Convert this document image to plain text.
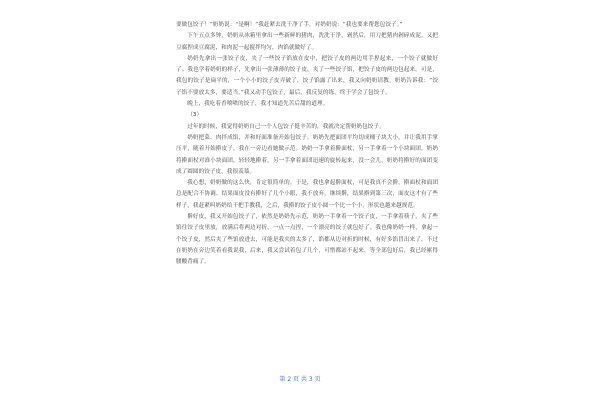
要做包饺子！”奶奶说：“是啊！”我赶紧去洗干净了手，对奶奶说：“我也要来帮您包饺子。”

下午五点多钟，奶奶从冰箱里拿出一些新鲜的猪肉，洗洗干净，剁然后，用刀把猪肉剁碎成泥。又把豆腐捏成豆腐泥，和肉泥一起搅拌均匀，肉馅就做好了。

奶奶先拿出一张饺子皮，夹了一些饺子馅放在皮中，把饺子皮的两边用手捏起来，一个饺子就做好了。我也学着奶奶的样子，先拿出一张薄薄的饺子皮，夹了一些饺子馅，把饺子皮的两边包起来。可是，我包的饺子是扁平的，一个小小的饺子皮弄破了，饺子馅露了出来，我又向奶奶请教。奶奶告诉我：“饺子馅不要放太多，要适当。”我又动手包饺子，最后，我反复的练，终于学会了包饺子。

晚上，我吃着香喷喷的饺子，我才知道先苦后甜的道理。

（3）

过年的时候，我觉得奶奶自己一个人包饺子挺辛苦的，我就决定帮奶奶包饺子。

奶奶把菜、肉拌成馅，并和好面准备开始包饺子。奶奶先把面团平均切成桶子块大小，并让我用手掌压平，随着开始擀皮子，我在一旁边看她做示范。奶奶一手拿着擀面杖，另一手拿着一个小块面团，奶奶将擀面杖对准小块面团，轻轻地擀着，另一手拿着面团迅速的旋转起来，没一会儿，奶奶将擀好的面团变成了圆圆的饺子皮，我很羡慕。

我心想，奶奶做的这么快，肯定很简单的。于是，我也拿起擀面杖，可是我真不会擀，擀面杖和面团总是配合不协调。结果面皮没有擀好了几个小眼，我不放弃，继续擀，结果擀到第三次，面皮这才有了些样子，我赶紧叫奶奶给干把手教我，之后，我擀的饺子皮小圆一个比一个小，形状也越来越规范。

擀好皮，我又开始包饺子了，依然是奶奶先示范，奶奶一手拿着一个饺子皮，一手拿着筷子，夹了些馅往饺子皮里放，放满后将两边对折，一点一点捏，一个漂亮的饺子就包好了。我也像奶奶一样，拿起一个饺子皮，然后夹了些馅放进去，可能是我夹的太多了，馅都从边对折的时候，有好多馅冒出来了，不过在奶奶在旁边笑着看我说我，后来，我又尝试着包了几个，可惜都站不起来，等全部包好后，我已经累得腰酸背痛了。

第 2 页 共 3 页
